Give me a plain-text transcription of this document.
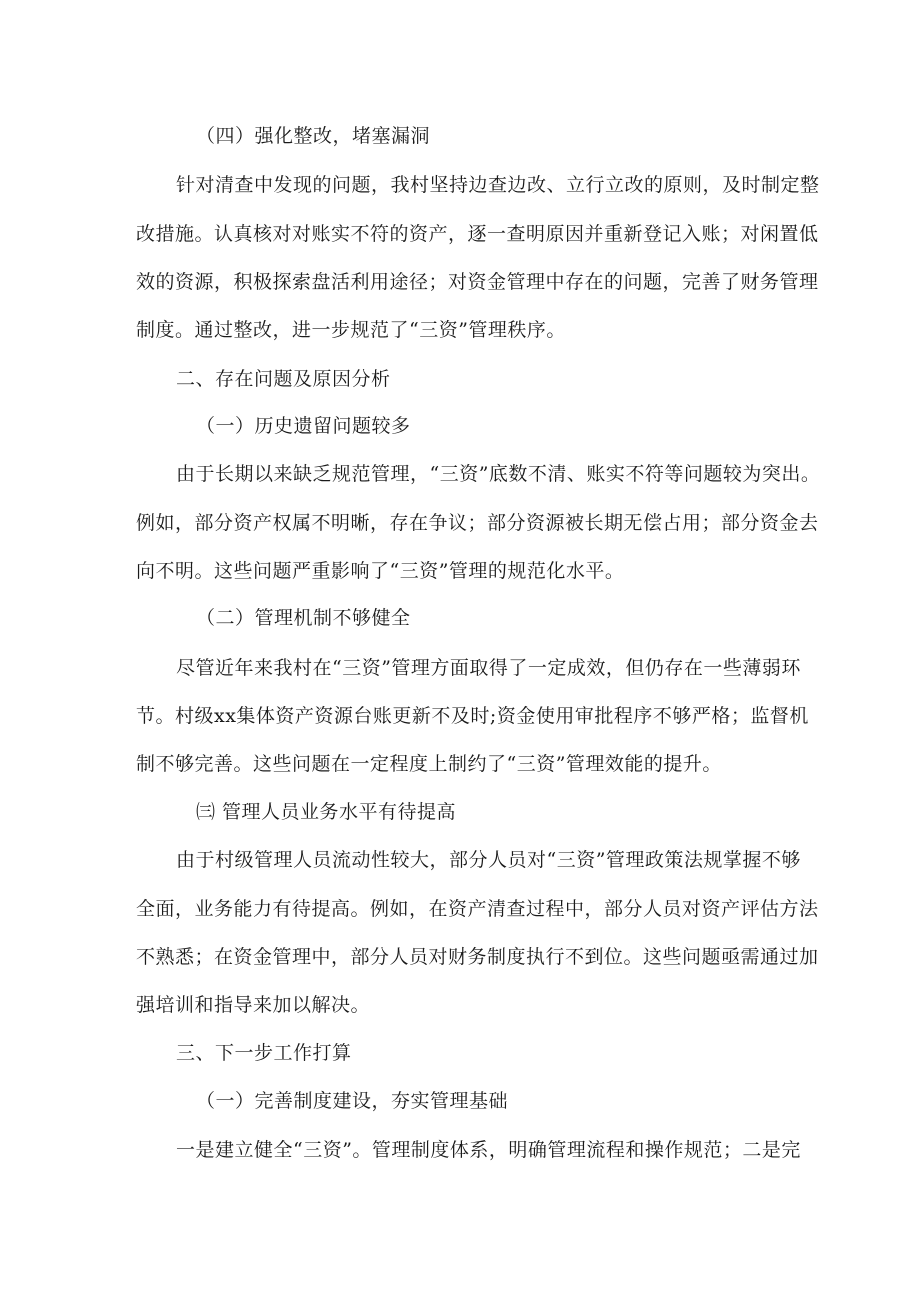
（四）强化整改，堵塞漏洞
针对清查中发现的问题，我村坚持边查边改、立行立改的原则，及时制定整
改措施。认真核对对账实不符的资产，逐一查明原因并重新登记入账；对闲置低
效的资源，积极探索盘活利用途径；对资金管理中存在的问题，完善了财务管理
制度。通过整改，进一步规范了“三资”管理秩序。
二、存在问题及原因分析
（一）历史遗留问题较多
由于长期以来缺乏规范管理，“三资”底数不清、账实不符等问题较为突出。
例如，部分资产权属不明晰，存在争议；部分资源被长期无偿占用；部分资金去
向不明。这些问题严重影响了“三资”管理的规范化水平。
（二）管理机制不够健全
尽管近年来我村在“三资”管理方面取得了一定成效，但仍存在一些薄弱环
节。村级xx集体资产资源台账更新不及时;资金使用审批程序不够严格；监督机
制不够完善。这些问题在一定程度上制约了“三资”管理效能的提升。
㈢ 管理人员业务水平有待提高
由于村级管理人员流动性较大，部分人员对“三资”管理政策法规掌握不够
全面，业务能力有待提高。例如，在资产清查过程中，部分人员对资产评估方法
不熟悉；在资金管理中，部分人员对财务制度执行不到位。这些问题亟需通过加
强培训和指导来加以解决。
三、下一步工作打算
（一）完善制度建设，夯实管理基础
一是建立健全“三资”。管理制度体系，明确管理流程和操作规范；二是完
